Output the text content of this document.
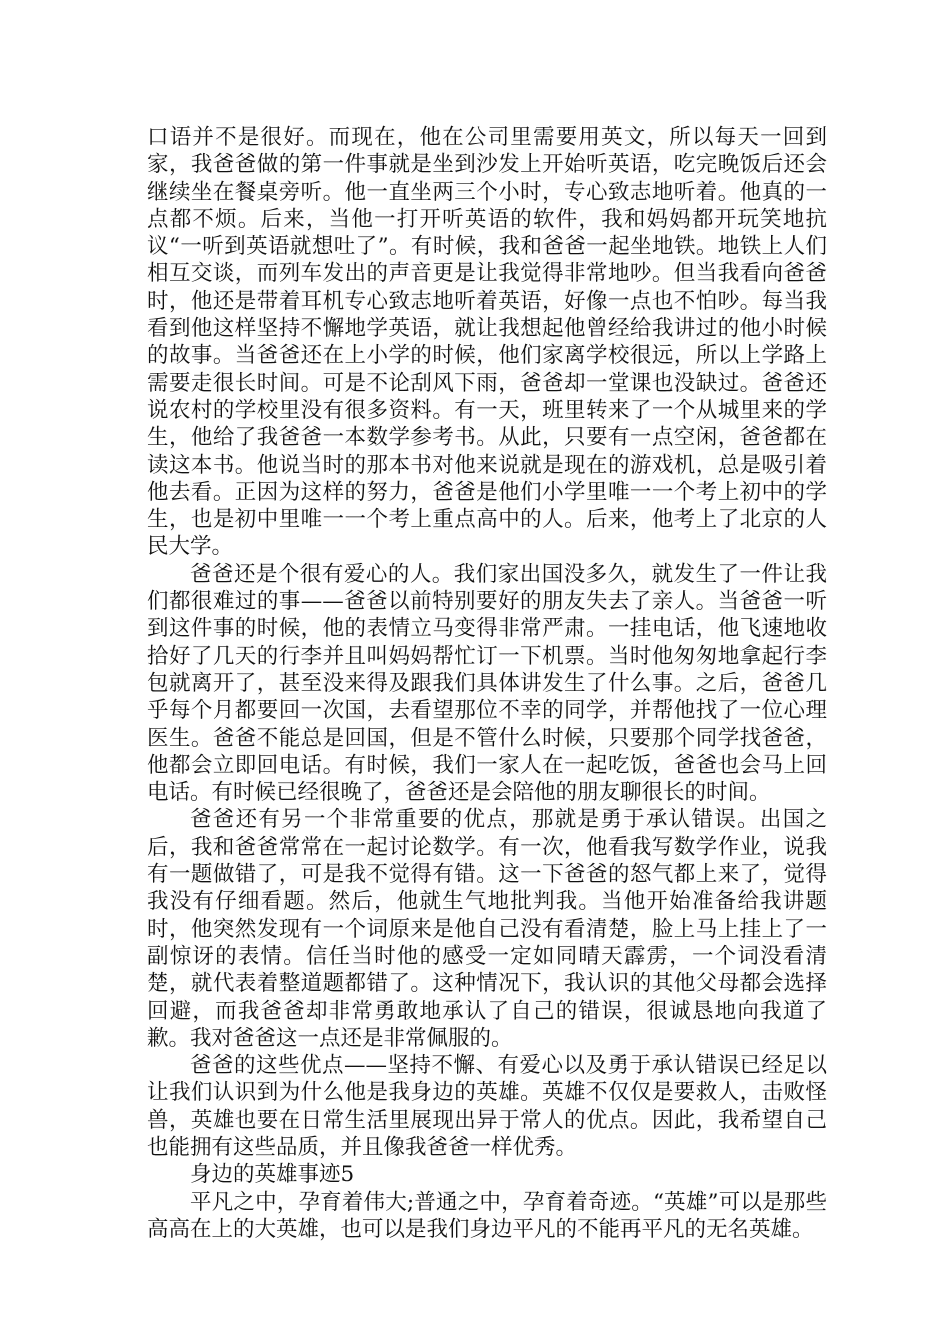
口语并不是很好。而现在，他在公司里需要用英文，所以每天一回到家，我爸爸做的第一件事就是坐到沙发上开始听英语，吃完晚饭后还会继续坐在餐桌旁听。他一直坐两三个小时，专心致志地听着。他真的一点都不烦。后来，当他一打开听英语的软件，我和妈妈都开玩笑地抗议“一听到英语就想吐了”。有时候，我和爸爸一起坐地铁。地铁上人们相互交谈，而列车发出的声音更是让我觉得非常地吵。但当我看向爸爸时，他还是带着耳机专心致志地听着英语，好像一点也不怕吵。每当我看到他这样坚持不懈地学英语，就让我想起他曾经给我讲过的他小时候的故事。当爸爸还在上小学的时候，他们家离学校很远，所以上学路上需要走很长时间。可是不论刮风下雨，爸爸却一堂课也没缺过。爸爸还说农村的学校里没有很多资料。有一天，班里转来了一个从城里来的学生，他给了我爸爸一本数学参考书。从此，只要有一点空闲，爸爸都在读这本书。他说当时的那本书对他来说就是现在的游戏机，总是吸引着他去看。正因为这样的努力，爸爸是他们小学里唯一一个考上初中的学生，也是初中里唯一一个考上重点高中的人。后来，他考上了北京的人民大学。

爸爸还是个很有爱心的人。我们家出国没多久，就发生了一件让我们都很难过的事——爸爸以前特别要好的朋友失去了亲人。当爸爸一听到这件事的时候，他的表情立马变得非常严肃。一挂电话，他飞速地收拾好了几天的行李并且叫妈妈帮忙订一下机票。当时他匆匆地拿起行李包就离开了，甚至没来得及跟我们具体讲发生了什么事。之后，爸爸几乎每个月都要回一次国，去看望那位不幸的同学，并帮他找了一位心理医生。爸爸不能总是回国，但是不管什么时候，只要那个同学找爸爸，他都会立即回电话。有时候，我们一家人在一起吃饭，爸爸也会马上回电话。有时候已经很晚了，爸爸还是会陪他的朋友聊很长的时间。

爸爸还有另一个非常重要的优点，那就是勇于承认错误。出国之后，我和爸爸常常在一起讨论数学。有一次，他看我写数学作业，说我有一题做错了，可是我不觉得有错。这一下爸爸的怒气都上来了，觉得我没有仔细看题。然后，他就生气地批判我。当他开始准备给我讲题时，他突然发现有一个词原来是他自己没有看清楚，脸上马上挂上了一副惊讶的表情。信任当时他的感受一定如同晴天霹雳，一个词没看清楚，就代表着整道题都错了。这种情况下，我认识的其他父母都会选择回避，而我爸爸却非常勇敢地承认了自己的错误，很诚恳地向我道了歉。我对爸爸这一点还是非常佩服的。

爸爸的这些优点——坚持不懈、有爱心以及勇于承认错误已经足以让我们认识到为什么他是我身边的英雄。英雄不仅仅是要救人，击败怪兽，英雄也要在日常生活里展现出异于常人的优点。因此，我希望自己也能拥有这些品质，并且像我爸爸一样优秀。

身边的英雄事迹5

平凡之中，孕育着伟大;普通之中，孕育着奇迹。“英雄”可以是那些高高在上的大英雄，也可以是我们身边平凡的不能再平凡的无名英雄。
